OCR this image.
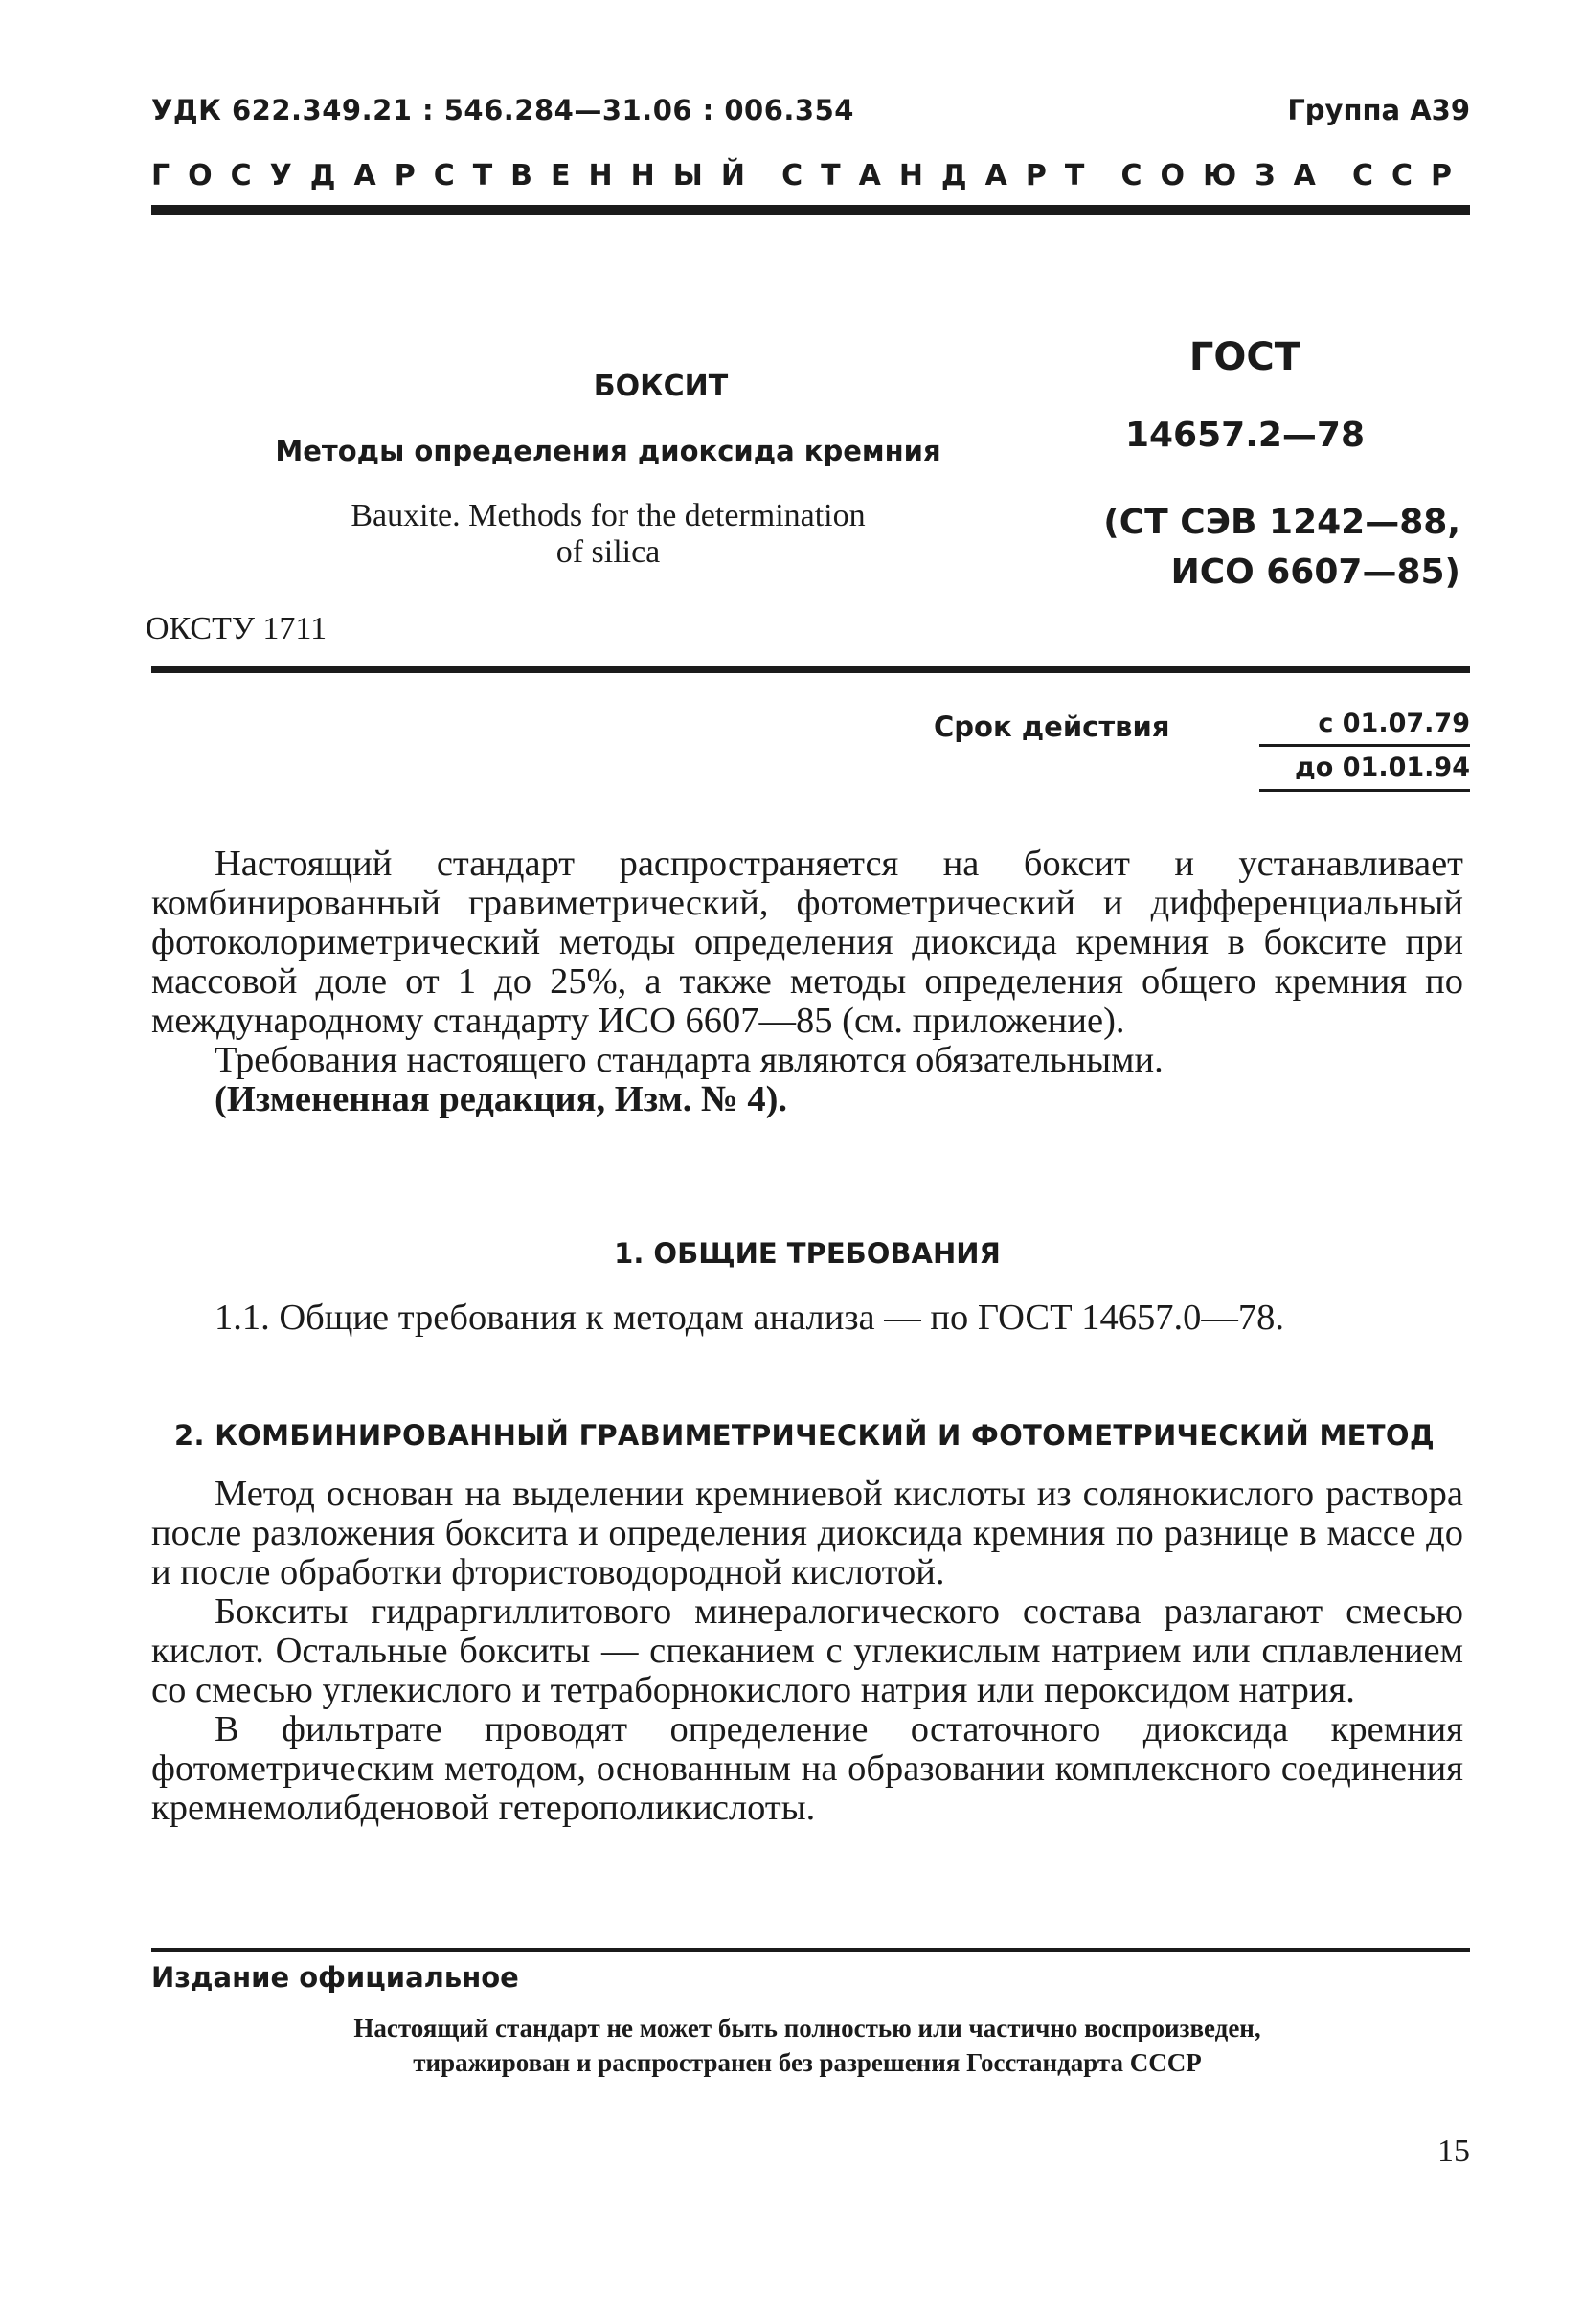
УДК 622.349.21 : 546.284—31.06 : 006.354	Группа А39
ГОСУДАРСТВЕННЫЙ СТАНДАРТ СОЮЗА ССР
БОКСИТ
Методы определения диоксида кремния
Bauxite. Methods for the determination
of silica
ОКСТУ 1711
ГОСТ
14657.2—78
(СТ СЭВ 1242—88,
ИСО 6607—85)
Срок действия	с 01.07.79
до 01.01.94

Настоящий стандарт распространяется на боксит и устанавливает комбинированный гравиметрический, фотометрический и дифференциальный фотоколориметрический методы определения диоксида кремния в боксите при массовой доле от 1 до 25%, а также методы определения общего кремния по международному стандарту ИСО 6607—85 (см. приложение).

Требования настоящего стандарта являются обязательными.

(Измененная редакция, Изм. № 4).

1. ОБЩИЕ ТРЕБОВАНИЯ

1.1. Общие требования к методам анализа — по ГОСТ 14657.0—78.

2. КОМБИНИРОВАННЫЙ ГРАВИМЕТРИЧЕСКИЙ И ФОТОМЕТРИЧЕСКИЙ МЕТОД

Метод основан на выделении кремниевой кислоты из солянокислого раствора после разложения боксита и определения диоксида кремния по разнице в массе до и после обработки фтористоводородной кислотой.

Бокситы гидраргиллитового минералогического состава разлагают смесью кислот. Остальные бокситы — спеканием с углекислым натрием или сплавлением со смесью углекислого и тетраборнокислого натрия или пероксидом натрия.

В фильтрате проводят определение остаточного диоксида кремния фотометрическим методом, основанным на образовании комплексного соединения кремнемолибденовой гетерополикислоты.

Издание официальное
Настоящий стандарт не может быть полностью или частично воспроизведен,
тиражирован и распространен без разрешения Госстандарта СССР
15
